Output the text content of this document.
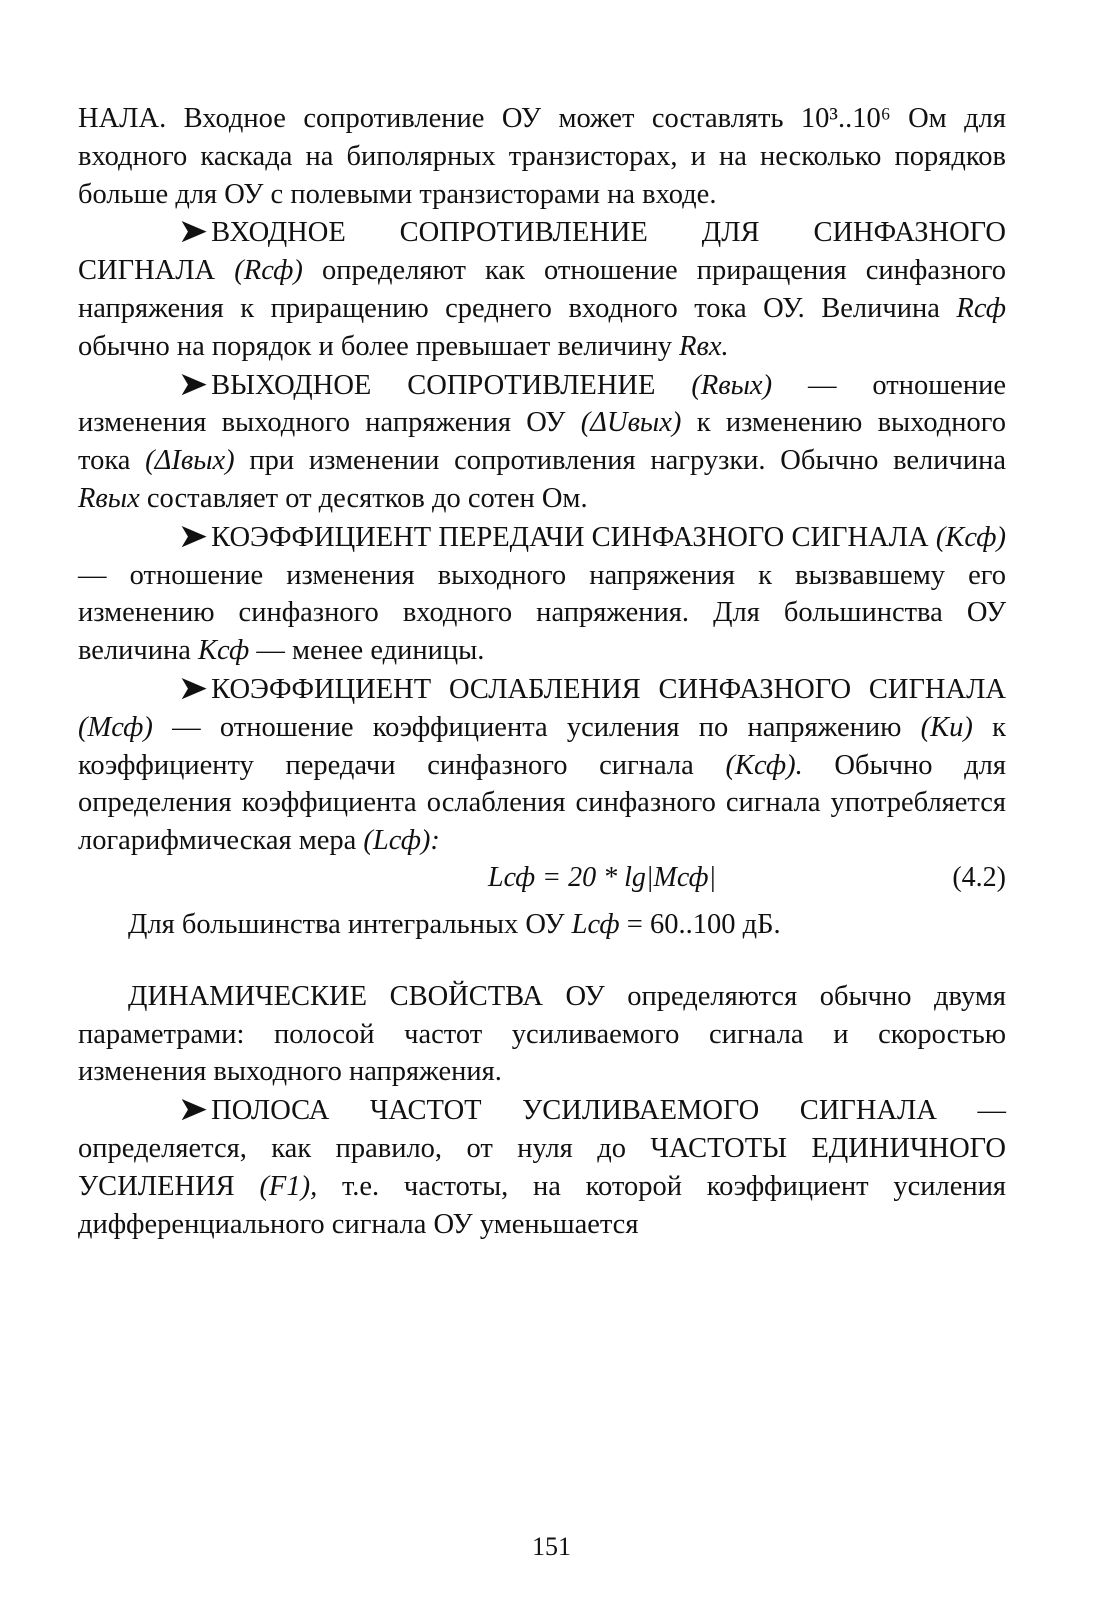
НАЛА. Входное сопротивление ОУ может составлять 10³..10⁶ Ом для входного каскада на биполярных транзисторах, и на несколько порядков больше для ОУ с полевыми транзисторами на входе.

➤ ВХОДНОЕ СОПРОТИВЛЕНИЕ ДЛЯ СИНФАЗНОГО СИГНАЛА (Rсф) определяют как отношение приращения синфазного напряжения к приращению среднего входного тока ОУ. Величина Rсф обычно на порядок и более превышает величину Rвх.

➤ ВЫХОДНОЕ СОПРОТИВЛЕНИЕ (Rвых) — отношение изменения выходного напряжения ОУ (ΔUвых) к изменению выходного тока (ΔIвых) при изменении сопротивления нагрузки. Обычно величина Rвых составляет от десятков до сотен Ом.

➤ КОЭФФИЦИЕНТ ПЕРЕДАЧИ СИНФАЗНОГО СИГНАЛА (Kсф) — отношение изменения выходного напряжения к вызвавшему его изменению синфазного входного напряжения. Для большинства ОУ величина Kсф — менее единицы.

➤ КОЭФФИЦИЕНТ ОСЛАБЛЕНИЯ СИНФАЗНОГО СИГНАЛА (Mсф) — отношение коэффициента усиления по напряжению (Ku) к коэффициенту передачи синфазного сигнала (Kсф). Обычно для определения коэффициента ослабления синфазного сигнала употребляется логарифмическая мера (Lсф):

Lсф = 20 * lg|Mсф|	(4.2)

Для большинства интегральных ОУ Lсф = 60..100 дБ.

ДИНАМИЧЕСКИЕ СВОЙСТВА ОУ определяются обычно двумя параметрами: полосой частот усиливаемого сигнала и скоростью изменения выходного напряжения.

➤ ПОЛОСА ЧАСТОТ УСИЛИВАЕМОГО СИГНАЛА — определяется, как правило, от нуля до ЧАСТОТЫ ЕДИНИЧНОГО УСИЛЕНИЯ (F1), т.е. частоты, на которой коэффициент усиления дифференциального сигнала ОУ уменьшается

151
